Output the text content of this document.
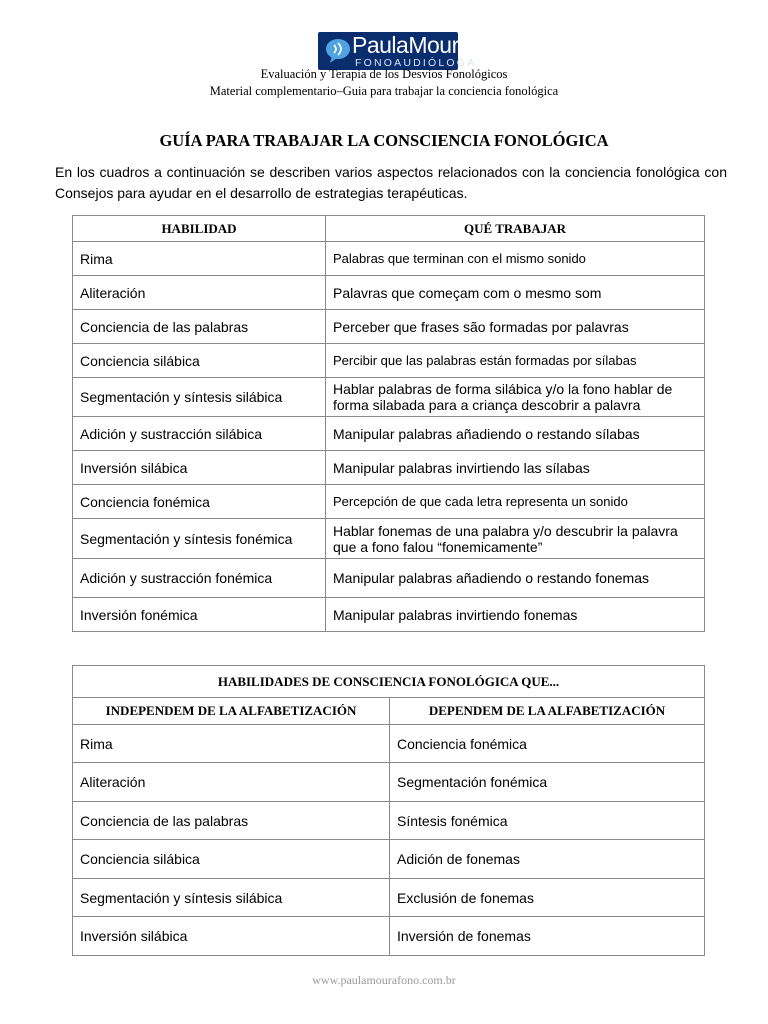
PaulaMoura
FONOAUDIÓLOGA
Evaluación y Terapia de los Desvíos Fonológicos
Material complementario–Guia para trabajar la conciencia fonológica
GUÍA PARA TRABAJAR LA CONSCIENCIA FONOLÓGICA
En los cuadros a continuación se describen varios aspectos relacionados con la conciencia fonológica con Consejos para ayudar en el desarrollo de estrategias terapéuticas.
HABILIDAD	QUÉ TRABAJAR
Rima	Palabras que terminan con el mismo sonido
Aliteración	Palavras que começam com o mesmo som
Conciencia de las palabras	Perceber que frases são formadas por palavras
Conciencia silábica	Percibir que las palabras están formadas por sílabas
Segmentación y síntesis silábica	Hablar palabras de forma silábica y/o la fono hablar de forma silabada para a criança descobrir a palavra
Adición y sustracción silábica	Manipular palabras añadiendo o restando sílabas
Inversión silábica	Manipular palabras invirtiendo las sílabas
Conciencia fonémica	Percepción de que cada letra representa un sonido
Segmentación y síntesis fonémica	Hablar fonemas de una palabra y/o descubrir la palavra que a fono falou “fonemicamente”
Adición y sustracción fonémica	Manipular palabras añadiendo o restando fonemas
Inversión fonémica	Manipular palabras invirtiendo fonemas
HABILIDADES DE CONSCIENCIA FONOLÓGICA QUE...	
INDEPENDEM DE LA ALFABETIZACIÓN	DEPENDEM DE LA ALFABETIZACIÓN
Rima	Conciencia fonémica
Aliteración	Segmentación fonémica
Conciencia de las palabras	Síntesis fonémica
Conciencia silábica	Adición de fonemas
Segmentación y síntesis silábica	Exclusión de fonemas
Inversión silábica	Inversión de fonemas
www.paulamourafono.com.br
